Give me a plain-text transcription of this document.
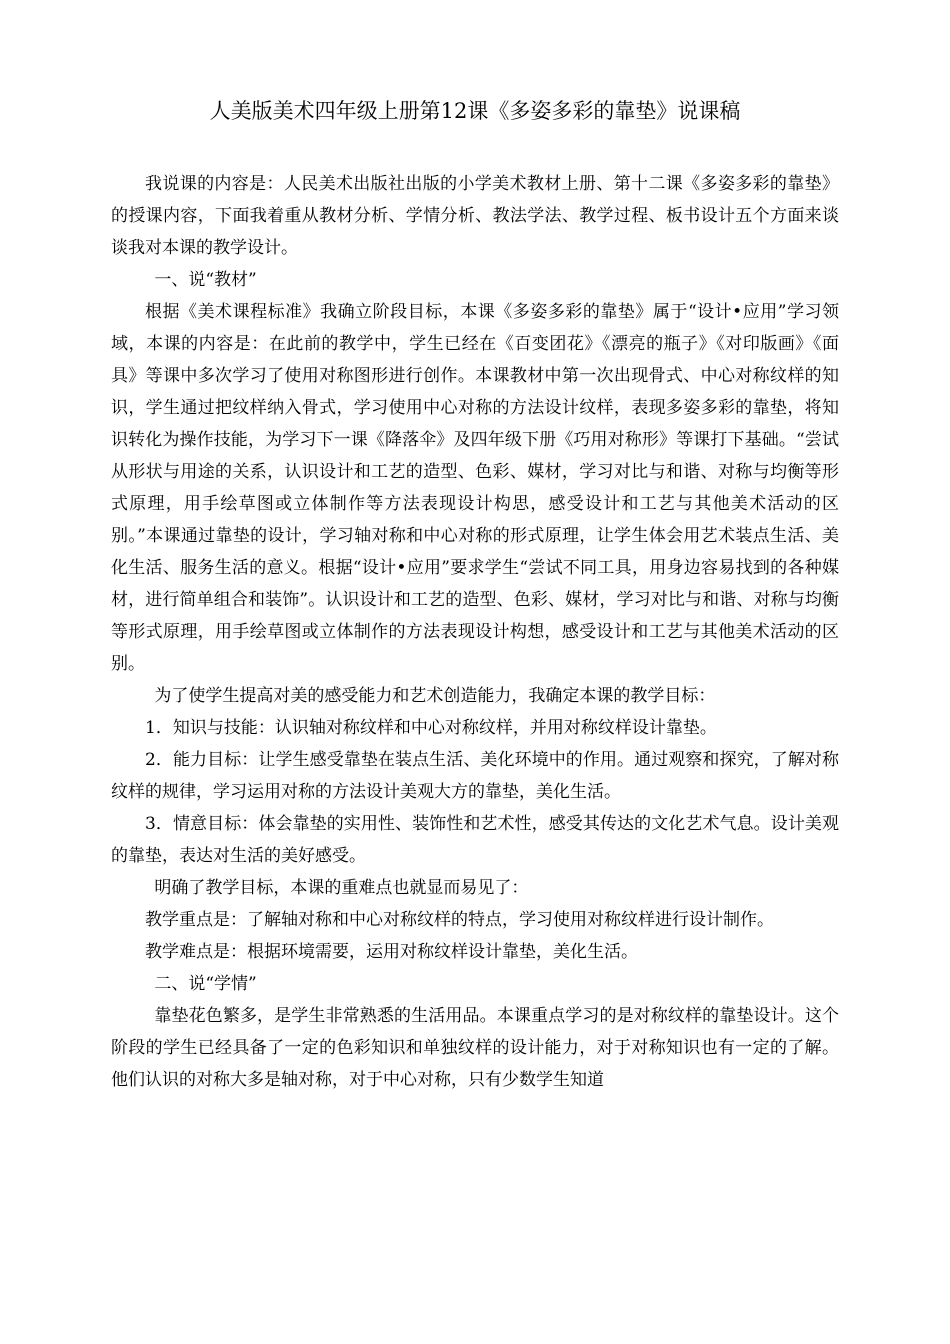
人美版美术四年级上册第12课《多姿多彩的靠垫》说课稿

我说课的内容是：人民美术出版社出版的小学美术教材上册、第十二课《多姿多彩的靠垫》的授课内容，下面我着重从教材分析、学情分析、教法学法、教学过程、板书设计五个方面来谈谈我对本课的教学设计。

一、说“教材”

根据《美术课程标准》我确立阶段目标，本课《多姿多彩的靠垫》属于“设计•应用”学习领域，本课的内容是：在此前的教学中，学生已经在《百变团花》《漂亮的瓶子》《对印版画》《面具》等课中多次学习了使用对称图形进行创作。本课教材中第一次出现骨式、中心对称纹样的知识，学生通过把纹样纳入骨式，学习使用中心对称的方法设计纹样，表现多姿多彩的靠垫，将知识转化为操作技能，为学习下一课《降落伞》及四年级下册《巧用对称形》等课打下基础。“尝试从形状与用途的关系，认识设计和工艺的造型、色彩、媒材，学习对比与和谐、对称与均衡等形式原理，用手绘草图或立体制作等方法表现设计构思，感受设计和工艺与其他美术活动的区别。”本课通过靠垫的设计，学习轴对称和中心对称的形式原理，让学生体会用艺术装点生活、美化生活、服务生活的意义。根据“设计•应用”要求学生“尝试不同工具，用身边容易找到的各种媒材，进行简单组合和装饰”。认识设计和工艺的造型、色彩、媒材，学习对比与和谐、对称与均衡等形式原理，用手绘草图或立体制作的方法表现设计构想，感受设计和工艺与其他美术活动的区别。

为了使学生提高对美的感受能力和艺术创造能力，我确定本课的教学目标：

1．知识与技能：认识轴对称纹样和中心对称纹样，并用对称纹样设计靠垫。

2．能力目标：让学生感受靠垫在装点生活、美化环境中的作用。通过观察和探究，了解对称纹样的规律，学习运用对称的方法设计美观大方的靠垫，美化生活。

3．情意目标：体会靠垫的实用性、装饰性和艺术性，感受其传达的文化艺术气息。设计美观的靠垫，表达对生活的美好感受。

明确了教学目标，本课的重难点也就显而易见了：

教学重点是：了解轴对称和中心对称纹样的特点，学习使用对称纹样进行设计制作。

教学难点是：根据环境需要，运用对称纹样设计靠垫，美化生活。

二、说“学情”

靠垫花色繁多，是学生非常熟悉的生活用品。本课重点学习的是对称纹样的靠垫设计。这个阶段的学生已经具备了一定的色彩知识和单独纹样的设计能力，对于对称知识也有一定的了解。他们认识的对称大多是轴对称，对于中心对称，只有少数学生知道
